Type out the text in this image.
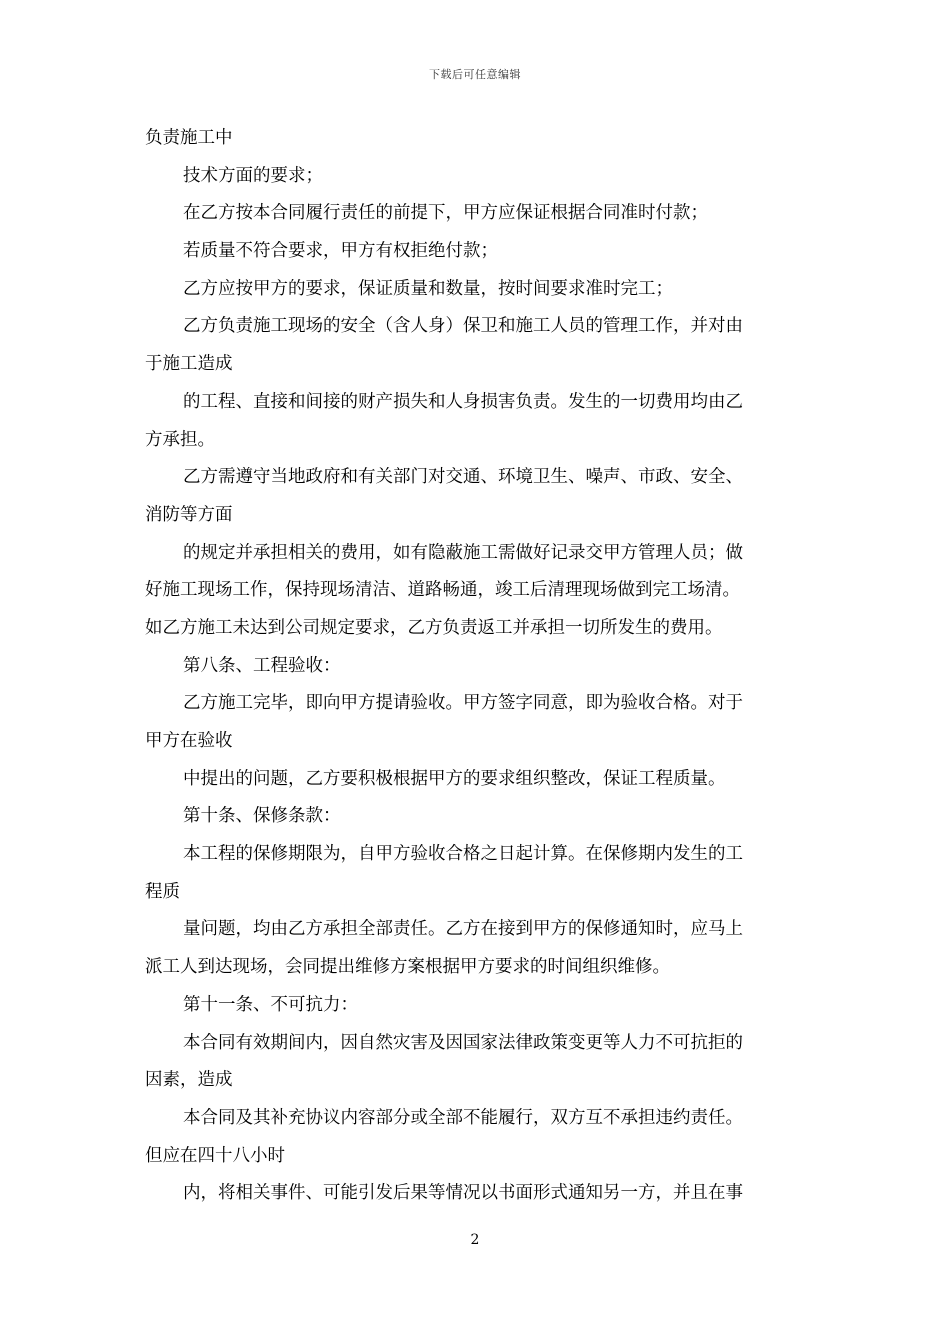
下载后可任意编辑
负责施工中
技术方面的要求；
在乙方按本合同履行责任的前提下，甲方应保证根据合同准时付款；
若质量不符合要求，甲方有权拒绝付款；
乙方应按甲方的要求，保证质量和数量，按时间要求准时完工；
乙方负责施工现场的安全（含人身）保卫和施工人员的管理工作，并对由
于施工造成
的工程、直接和间接的财产损失和人身损害负责。发生的一切费用均由乙
方承担。
乙方需遵守当地政府和有关部门对交通、环境卫生、噪声、市政、安全、
消防等方面
的规定并承担相关的费用，如有隐蔽施工需做好记录交甲方管理人员；做
好施工现场工作，保持现场清洁、道路畅通，竣工后清理现场做到完工场清。
如乙方施工未达到公司规定要求，乙方负责返工并承担一切所发生的费用。
第八条、工程验收：
乙方施工完毕，即向甲方提请验收。甲方签字同意，即为验收合格。对于
甲方在验收
中提出的问题，乙方要积极根据甲方的要求组织整改，保证工程质量。
第十条、保修条款：
本工程的保修期限为，自甲方验收合格之日起计算。在保修期内发生的工
程质
量问题，均由乙方承担全部责任。乙方在接到甲方的保修通知时，应马上
派工人到达现场，会同提出维修方案根据甲方要求的时间组织维修。
第十一条、不可抗力：
本合同有效期间内，因自然灾害及因国家法律政策变更等人力不可抗拒的
因素，造成
本合同及其补充协议内容部分或全部不能履行，双方互不承担违约责任。
但应在四十八小时
内，将相关事件、可能引发后果等情况以书面形式通知另一方，并且在事
2
